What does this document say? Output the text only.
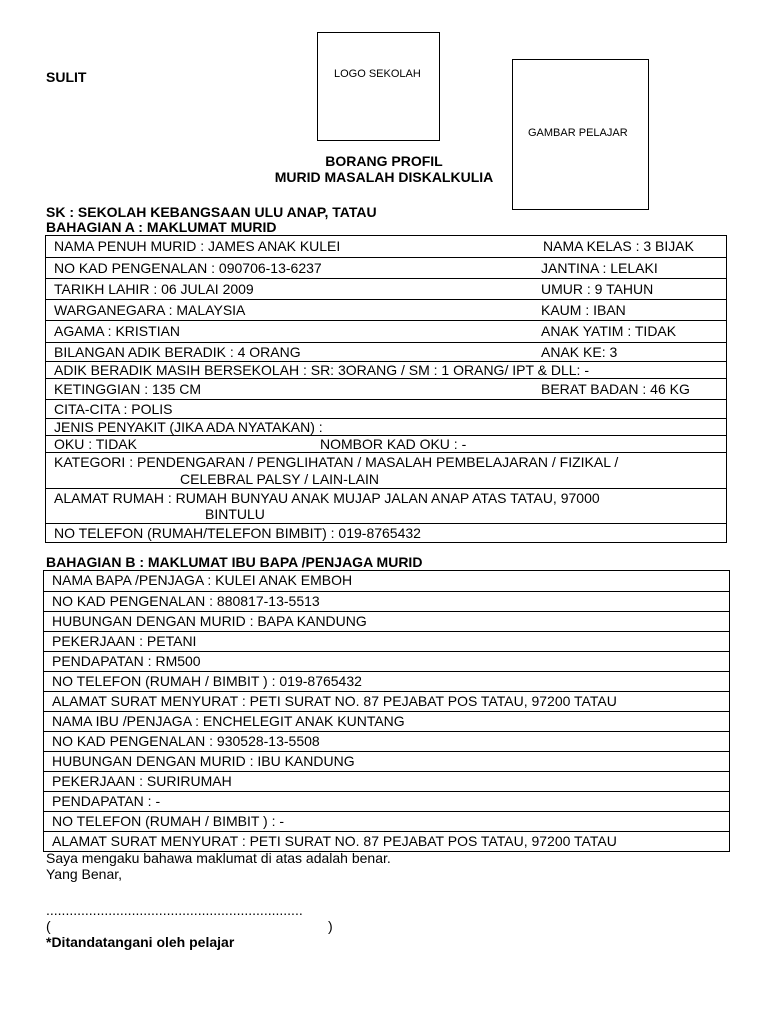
SULIT	LOGO SEKOLAH
GAMBAR PELAJAR
BORANG PROFIL
MURID MASALAH DISKALKULIA
SK : SEKOLAH KEBANGSAAN ULU ANAP, TATAU
BAHAGIAN A : MAKLUMAT MURID
NAMA PENUH MURID : JAMES ANAK KULEI	NAMA KELAS : 3 BIJAK
NO KAD PENGENALAN : 090706-13-6237	JANTINA : LELAKI
TARIKH LAHIR : 06 JULAI 2009	UMUR : 9 TAHUN
WARGANEGARA : MALAYSIA	KAUM : IBAN
AGAMA : KRISTIAN	ANAK YATIM : TIDAK
BILANGAN ADIK BERADIK : 4 ORANG	ANAK KE: 3
ADIK BERADIK MASIH BERSEKOLAH : SR: 3ORANG / SM : 1 ORANG/ IPT & DLL: -
KETINGGIAN : 135 CM	BERAT BADAN : 46 KG
CITA-CITA : POLIS
JENIS PENYAKIT (JIKA ADA NYATAKAN) :
OKU : TIDAK	NOMBOR KAD OKU : -
KATEGORI : PENDENGARAN / PENGLIHATAN / MASALAH PEMBELAJARAN / FIZIKAL /
CELEBRAL PALSY / LAIN-LAIN
ALAMAT RUMAH : RUMAH BUNYAU ANAK MUJAP JALAN ANAP ATAS TATAU, 97000
BINTULU
NO TELEFON (RUMAH/TELEFON BIMBIT) : 019-8765432
BAHAGIAN B : MAKLUMAT IBU BAPA /PENJAGA MURID
NAMA BAPA /PENJAGA : KULEI ANAK EMBOH
NO KAD PENGENALAN : 880817-13-5513
HUBUNGAN DENGAN MURID : BAPA KANDUNG
PEKERJAAN : PETANI
PENDAPATAN : RM500
NO TELEFON (RUMAH / BIMBIT ) : 019-8765432
ALAMAT SURAT MENYURAT : PETI SURAT NO. 87 PEJABAT POS TATAU, 97200 TATAU
NAMA IBU /PENJAGA : ENCHELEGIT ANAK KUNTANG
NO KAD PENGENALAN : 930528-13-5508
HUBUNGAN DENGAN MURID : IBU KANDUNG
PEKERJAAN : SURIRUMAH
PENDAPATAN : -
NO TELEFON (RUMAH / BIMBIT ) : -
ALAMAT SURAT MENYURAT : PETI SURAT NO. 87 PEJABAT POS TATAU, 97200 TATAU
Saya mengaku bahawa maklumat di atas adalah benar.
Yang Benar,
..................................................................
(	)
*Ditandatangani oleh pelajar
